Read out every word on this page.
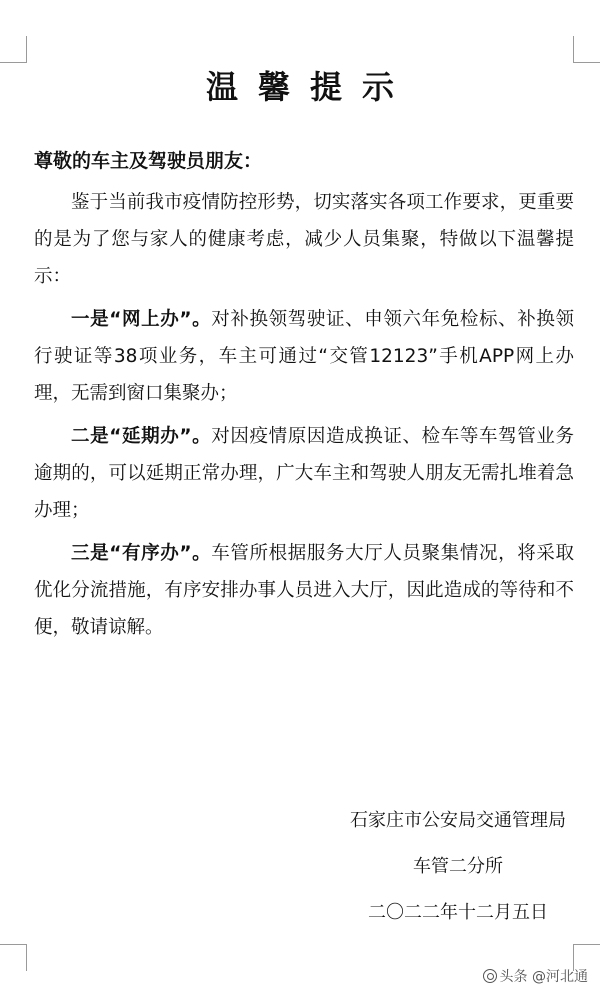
温馨提示

尊敬的车主及驾驶员朋友：

鉴于当前我市疫情防控形势，切实落实各项工作要求，更重要的是为了您与家人的健康考虑，减少人员集聚，特做以下温馨提示：

一是“网上办”。对补换领驾驶证、申领六年免检标、补换领行驶证等38项业务，车主可通过“交管12123”手机APP网上办理，无需到窗口集聚办；

二是“延期办”。对因疫情原因造成换证、检车等车驾管业务逾期的，可以延期正常办理，广大车主和驾驶人朋友无需扎堆着急办理；

三是“有序办”。车管所根据服务大厅人员聚集情况，将采取优化分流措施，有序安排办事人员进入大厅，因此造成的等待和不便，敬请谅解。

石家庄市公安局交通管理局
车管二分所
二〇二二年十二月五日
头条 @河北通
